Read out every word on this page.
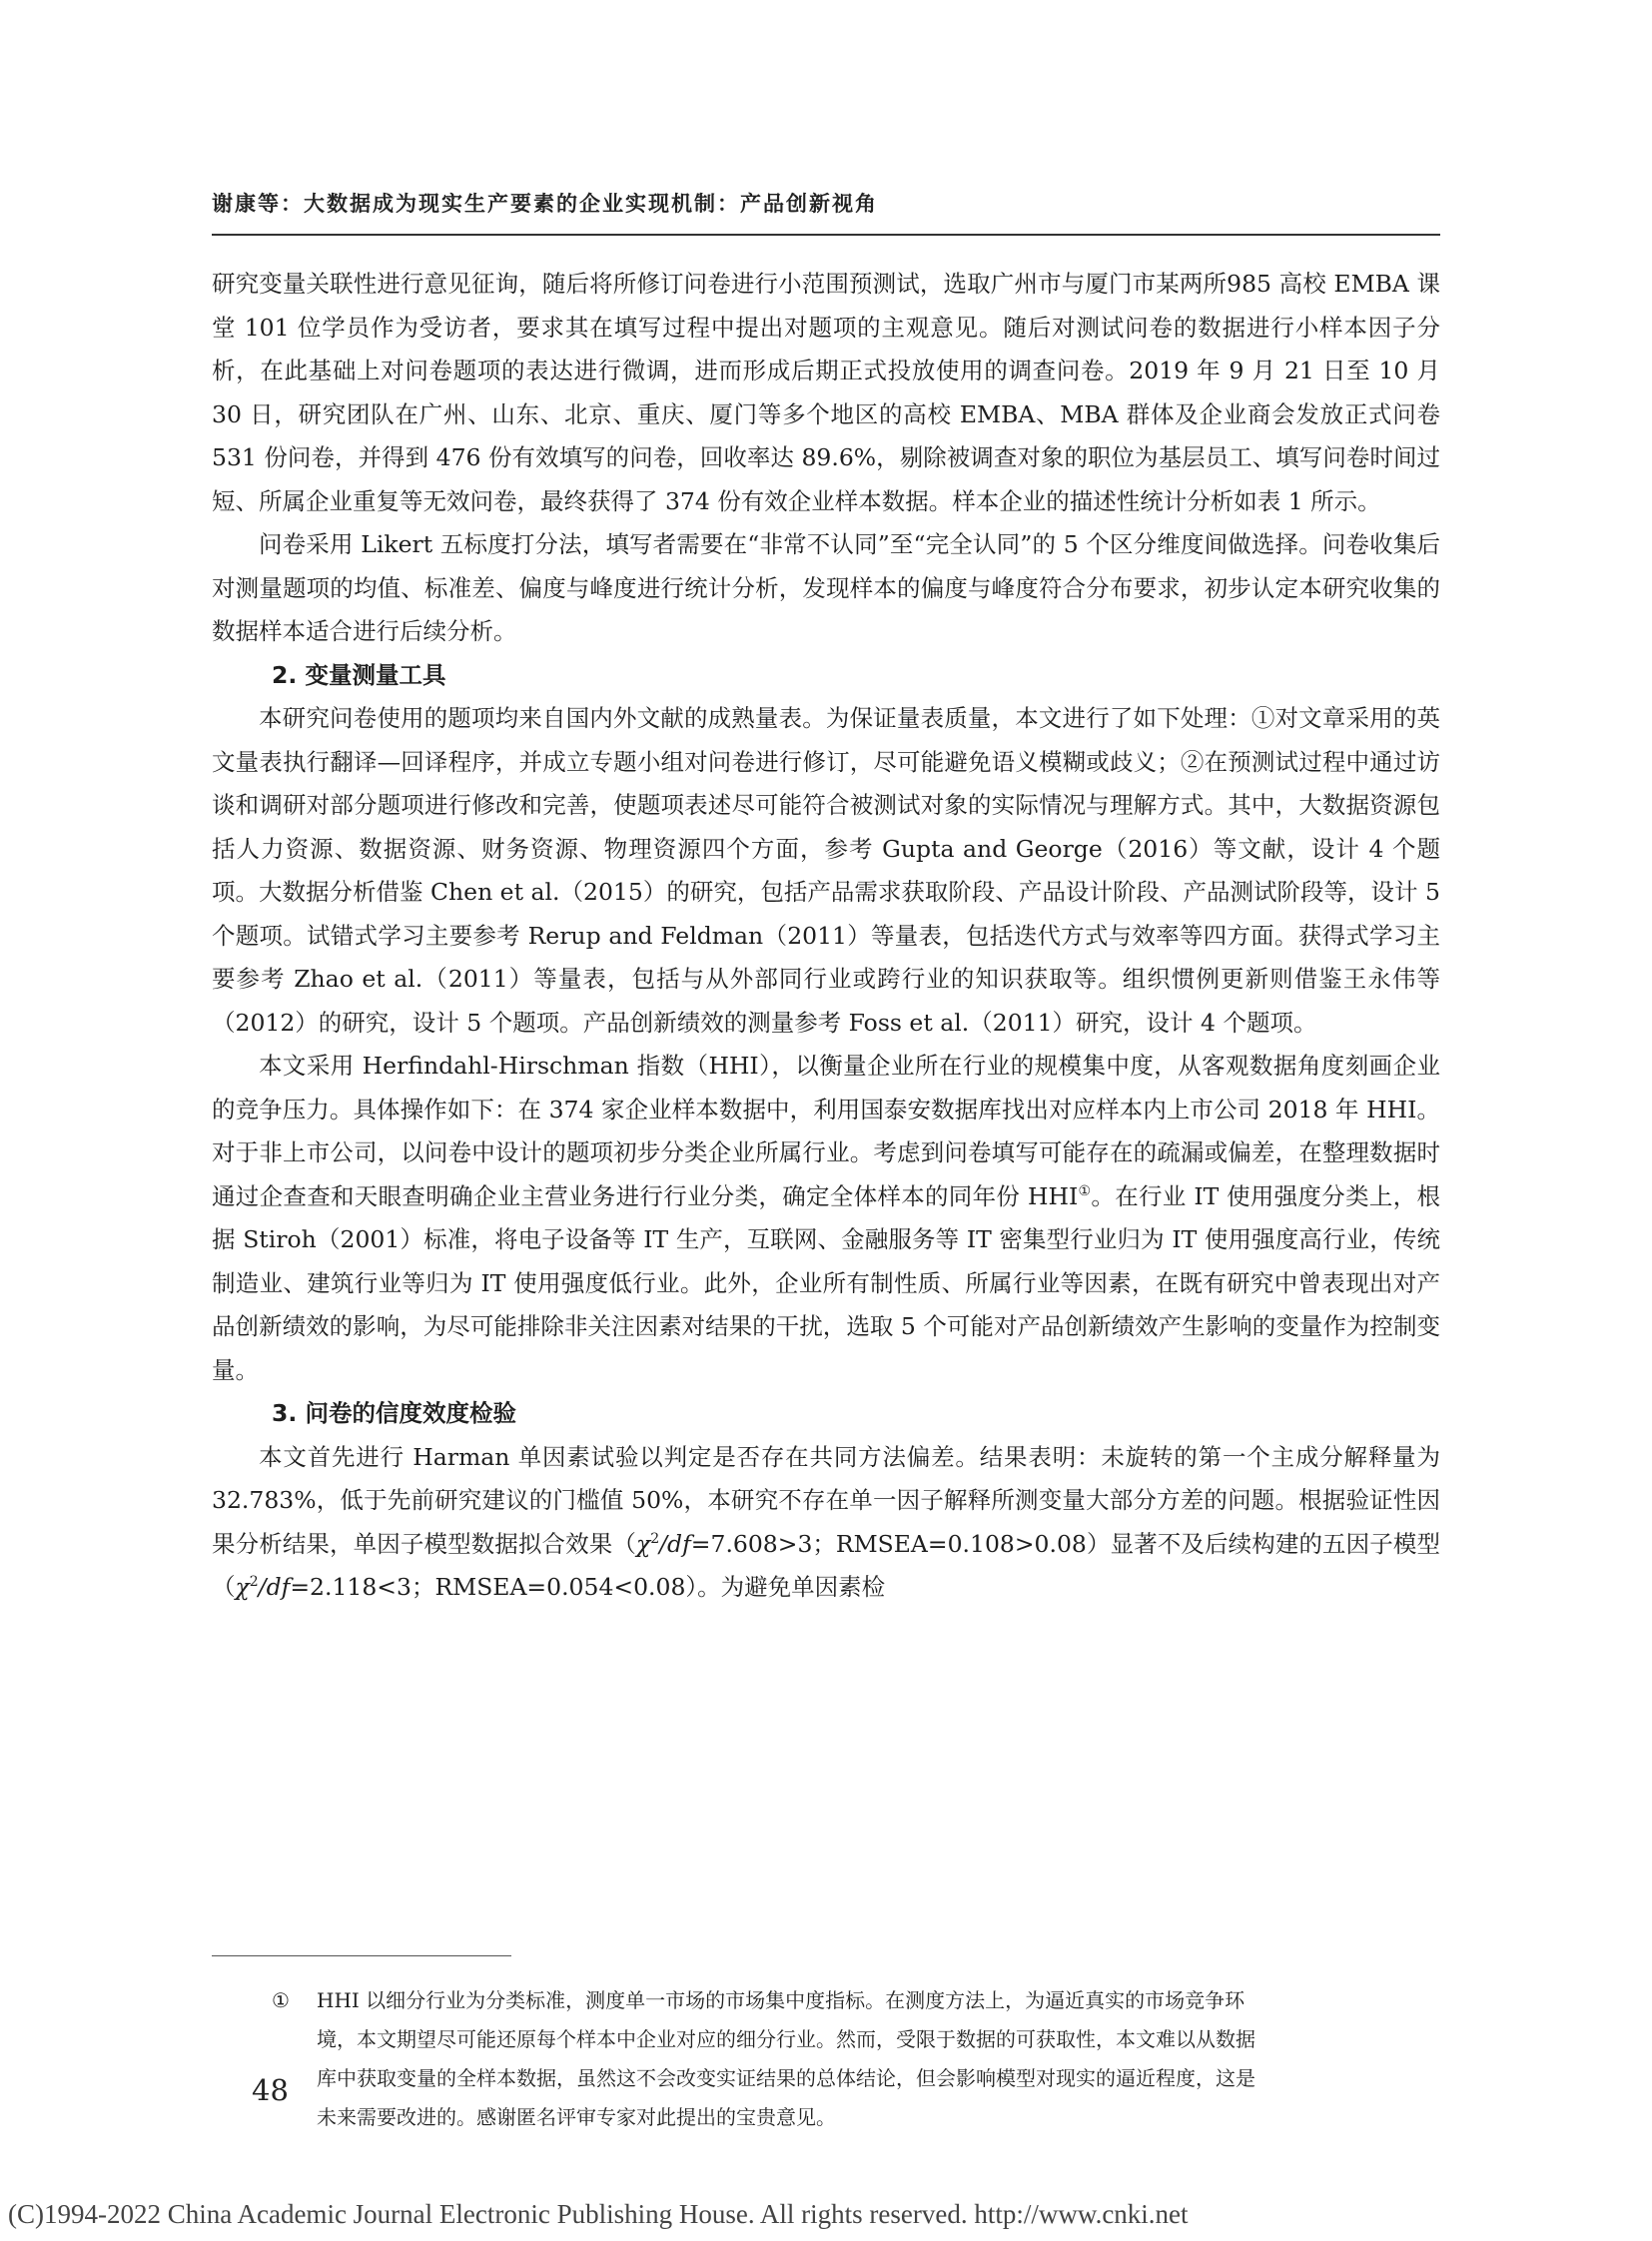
谢康等：大数据成为现实生产要素的企业实现机制：产品创新视角

研究变量关联性进行意见征询，随后将所修订问卷进行小范围预测试，选取广州市与厦门市某两所985 高校 EMBA 课堂 101 位学员作为受访者，要求其在填写过程中提出对题项的主观意见。随后对测试问卷的数据进行小样本因子分析，在此基础上对问卷题项的表达进行微调，进而形成后期正式投放使用的调查问卷。2019 年 9 月 21 日至 10 月 30 日，研究团队在广州、山东、北京、重庆、厦门等多个地区的高校 EMBA、MBA 群体及企业商会发放正式问卷 531 份问卷，并得到 476 份有效填写的问卷，回收率达 89.6%，剔除被调查对象的职位为基层员工、填写问卷时间过短、所属企业重复等无效问卷，最终获得了 374 份有效企业样本数据。样本企业的描述性统计分析如表 1 所示。

问卷采用 Likert 五标度打分法，填写者需要在“非常不认同”至“完全认同”的 5 个区分维度间做选择。问卷收集后对测量题项的均值、标准差、偏度与峰度进行统计分析，发现样本的偏度与峰度符合分布要求，初步认定本研究收集的数据样本适合进行后续分析。

2. 变量测量工具

本研究问卷使用的题项均来自国内外文献的成熟量表。为保证量表质量，本文进行了如下处理：①对文章采用的英文量表执行翻译—回译程序，并成立专题小组对问卷进行修订，尽可能避免语义模糊或歧义；②在预测试过程中通过访谈和调研对部分题项进行修改和完善，使题项表述尽可能符合被测试对象的实际情况与理解方式。其中，大数据资源包括人力资源、数据资源、财务资源、物理资源四个方面，参考 Gupta and George（2016）等文献，设计 4 个题项。大数据分析借鉴 Chen et al.（2015）的研究，包括产品需求获取阶段、产品设计阶段、产品测试阶段等，设计 5 个题项。试错式学习主要参考 Rerup and Feldman（2011）等量表，包括迭代方式与效率等四方面。获得式学习主要参考 Zhao et al.（2011）等量表，包括与从外部同行业或跨行业的知识获取等。组织惯例更新则借鉴王永伟等（2012）的研究，设计 5 个题项。产品创新绩效的测量参考 Foss et al.（2011）研究，设计 4 个题项。

本文采用 Herfindahl-Hirschman 指数（HHI），以衡量企业所在行业的规模集中度，从客观数据角度刻画企业的竞争压力。具体操作如下：在 374 家企业样本数据中，利用国泰安数据库找出对应样本内上市公司 2018 年 HHI。对于非上市公司，以问卷中设计的题项初步分类企业所属行业。考虑到问卷填写可能存在的疏漏或偏差，在整理数据时通过企查查和天眼查明确企业主营业务进行行业分类，确定全体样本的同年份 HHI①。在行业 IT 使用强度分类上，根据 Stiroh（2001）标准，将电子设备等 IT 生产，互联网、金融服务等 IT 密集型行业归为 IT 使用强度高行业，传统制造业、建筑行业等归为 IT 使用强度低行业。此外，企业所有制性质、所属行业等因素，在既有研究中曾表现出对产品创新绩效的影响，为尽可能排除非关注因素对结果的干扰，选取 5 个可能对产品创新绩效产生影响的变量作为控制变量。

3. 问卷的信度效度检验

本文首先进行 Harman 单因素试验以判定是否存在共同方法偏差。结果表明：未旋转的第一个主成分解释量为 32.783%，低于先前研究建议的门槛值 50%，本研究不存在单一因子解释所测变量大部分方差的问题。根据验证性因果分析结果，单因子模型数据拟合效果（$\chi^2/df=7.608>3$；RMSEA=0.108>0.08）显著不及后续构建的五因子模型（$\chi^2/df=2.118<3$；RMSEA=0.054<0.08）。为避免单因素检

① HHI 以细分行业为分类标准，测度单一市场的市场集中度指标。在测度方法上，为逼近真实的市场竞争环
境，本文期望尽可能还原每个样本中企业对应的细分行业。然而，受限于数据的可获取性，本文难以从数据
库中获取变量的全样本数据，虽然这不会改变实证结果的总体结论，但会影响模型对现实的逼近程度，这是
未来需要改进的。感谢匿名评审专家对此提出的宝贵意见。
48
(C)1994-2022 China Academic Journal Electronic Publishing House. All rights reserved. http://www.cnki.net
